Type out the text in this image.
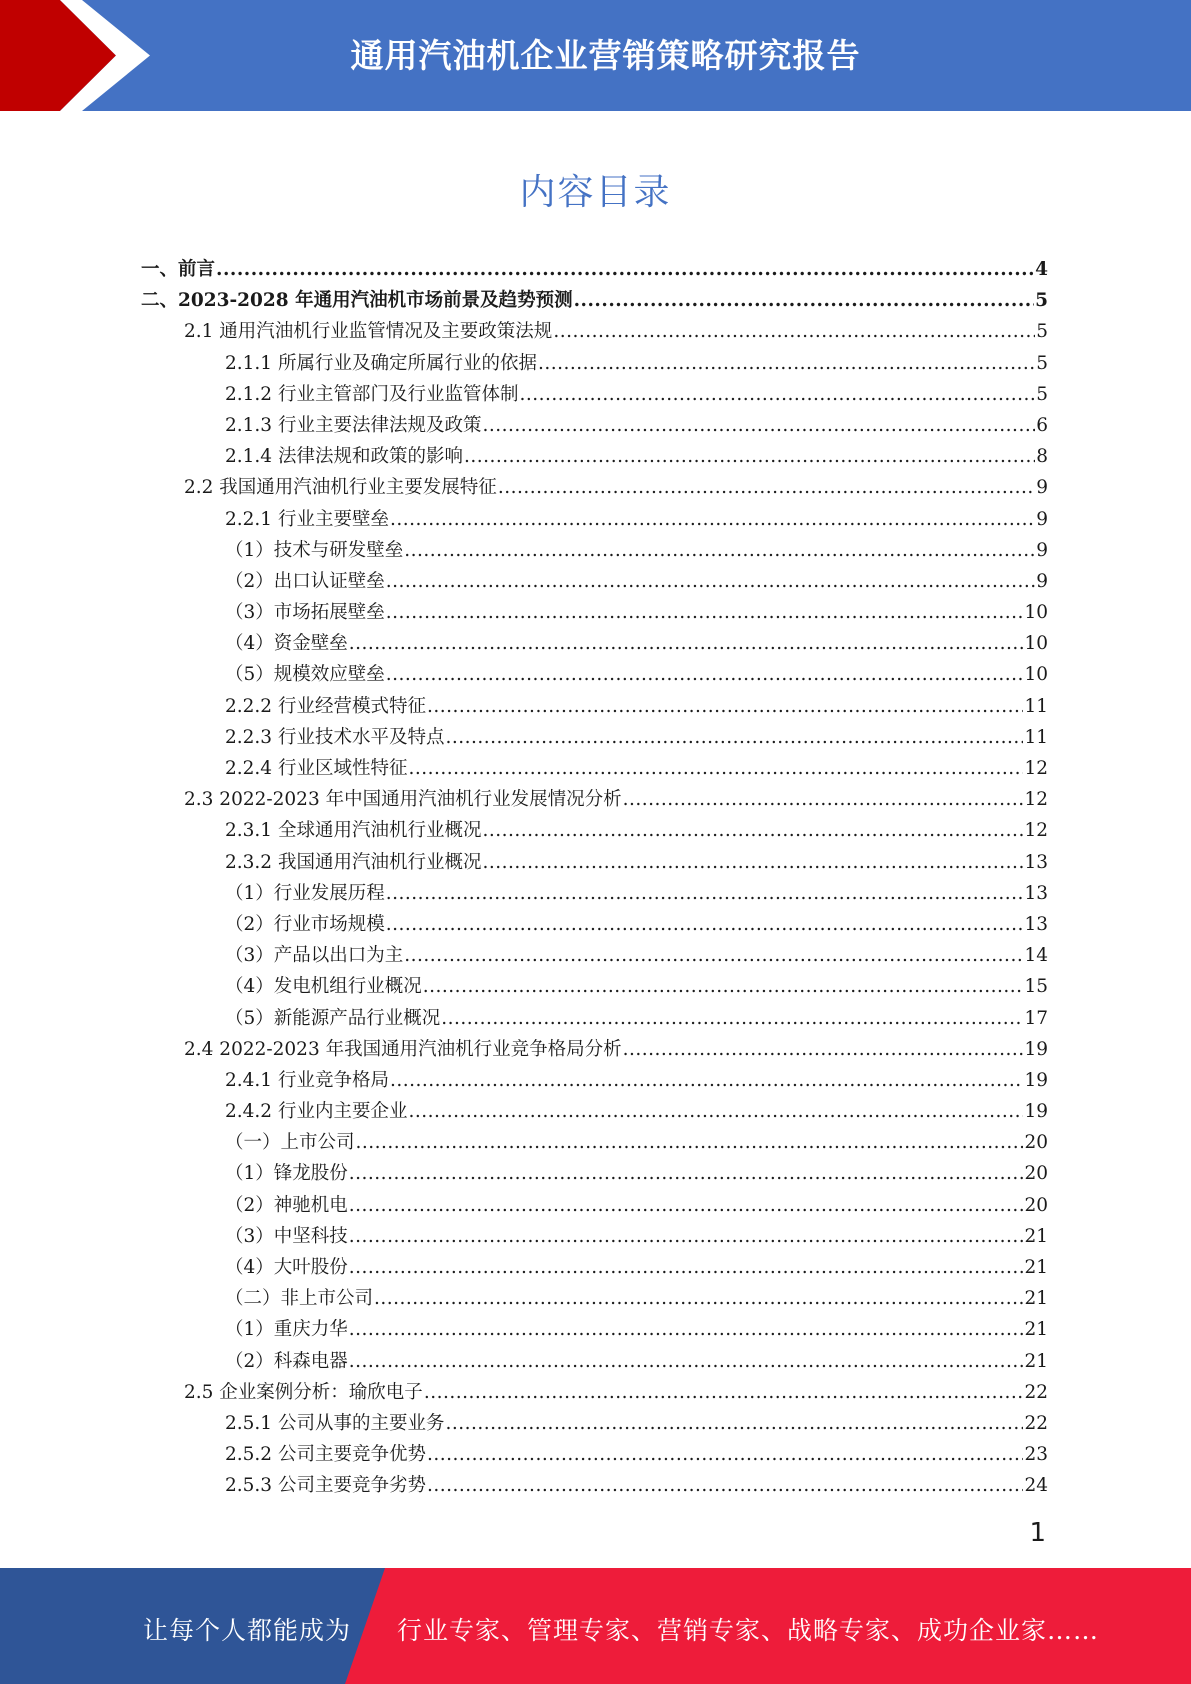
通用汽油机企业营销策略研究报告
内容目录
一、前言 .....	4
二、2023-2028 年通用汽油机市场前景及趋势预测 .....	5
2.1 通用汽油机行业监管情况及主要政策法规 .....	5
2.1.1 所属行业及确定所属行业的依据 .....	5
2.1.2 行业主管部门及行业监管体制 .....	5
2.1.3 行业主要法律法规及政策 .....	6
2.1.4 法律法规和政策的影响 .....	8
2.2 我国通用汽油机行业主要发展特征 .....	9
2.2.1 行业主要壁垒 .....	9
（1）技术与研发壁垒 .....	9
（2）出口认证壁垒 .....	9
（3）市场拓展壁垒 .....	10
（4）资金壁垒 .....	10
（5）规模效应壁垒 .....	10
2.2.2 行业经营模式特征 .....	11
2.2.3 行业技术水平及特点 .....	11
2.2.4 行业区域性特征 .....	12
2.3 2022-2023 年中国通用汽油机行业发展情况分析 .....	12
2.3.1 全球通用汽油机行业概况 .....	12
2.3.2 我国通用汽油机行业概况 .....	13
（1）行业发展历程 .....	13
（2）行业市场规模 .....	13
（3）产品以出口为主 .....	14
（4）发电机组行业概况 .....	15
（5）新能源产品行业概况 .....	17
2.4 2022-2023 年我国通用汽油机行业竞争格局分析 .....	19
2.4.1 行业竞争格局 .....	19
2.4.2 行业内主要企业 .....	19
（一）上市公司 .....	20
（1）锋龙股份 .....	20
（2）神驰机电 .....	20
（3）中坚科技 .....	21
（4）大叶股份 .....	21
（二）非上市公司 .....	21
（1）重庆力华 .....	21
（2）科森电器 .....	21
2.5 企业案例分析：瑜欣电子 .....	22
2.5.1 公司从事的主要业务 .....	22
2.5.2 公司主要竞争优势 .....	23
2.5.3 公司主要竞争劣势 .....	24
1
让每个人都能成为 行业专家、管理专家、营销专家、战略专家、成功企业家……
